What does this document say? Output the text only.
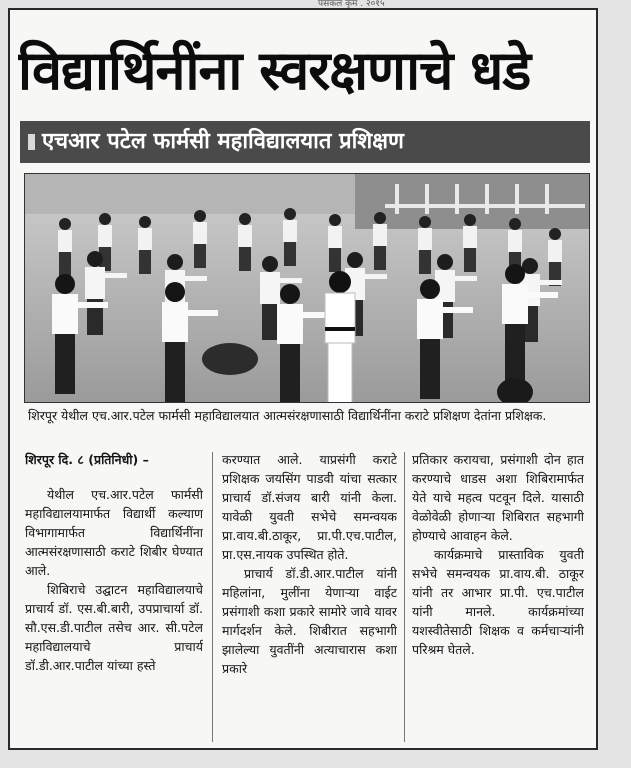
पसकल कृम . २०१५
विद्यार्थिनींना स्वरक्षणाचे धडे
एचआर पटेल फार्मसी महाविद्यालयात प्रशिक्षण
शिरपूर येथील एच.आर.पटेल फार्मसी महाविद्यालयात आत्मसंरक्षणासाठी विद्यार्थिनींना कराटे प्रशिक्षण देतांना प्रशिक्षक.

शिरपूर दि. ८ (प्रतिनिधी) –

येथील एच.आर.पटेल फार्मसी महाविद्यालयामार्फत विद्यार्थी कल्याण विभागामार्फत विद्यार्थिनींना आत्मसंरक्षणासाठी कराटे शिबीर घेण्यात आले.

शिबिराचे उद्घाटन महाविद्यालयाचे प्राचार्य डॉ. एस.बी.बारी, उपप्राचार्या डॉ. सौ.एस.डी.पाटील तसेच आर. सी.पटेल महाविद्यालयाचे प्राचार्य डॉ.डी.आर.पाटील यांच्या हस्ते

करण्यात आले. याप्रसंगी कराटे प्रशिक्षक जयसिंग पाडवी यांचा सत्कार प्राचार्य डॉ.संजय बारी यांनी केला. यावेळी युवती सभेचे समन्वयक प्रा.वाय.बी.ठाकूर, प्रा.पी.एच.पाटील, प्रा.एस.नायक उपस्थित होते.

प्राचार्य डॉ.डी.आर.पाटील यांनी महिलांना, मुलींना येणाऱ्या वाईट प्रसंगाशी कशा प्रकारे सामोरे जावे यावर मार्गदर्शन केले. शिबीरात सहभागी झालेल्या युवतींनी अत्याचारास कशा प्रकारे

प्रतिकार करायचा, प्रसंगाशी दोन हात करण्याचे धाडस अशा शिबिरामार्फत येते याचे महत्व पटवून दिले. यासाठी वेळोवेळी होणाऱ्या शिबिरात सहभागी होण्याचे आवाहन केले.

कार्यक्रमाचे प्रास्ताविक युवती सभेचे समन्वयक प्रा.वाय.बी. ठाकूर यांनी तर आभार प्रा.पी. एच.पाटील यांनी मानले. कार्यक्रमांच्या यशस्वीतेसाठी शिक्षक व कर्मचाऱ्यांनी परिश्रम घेतले.
